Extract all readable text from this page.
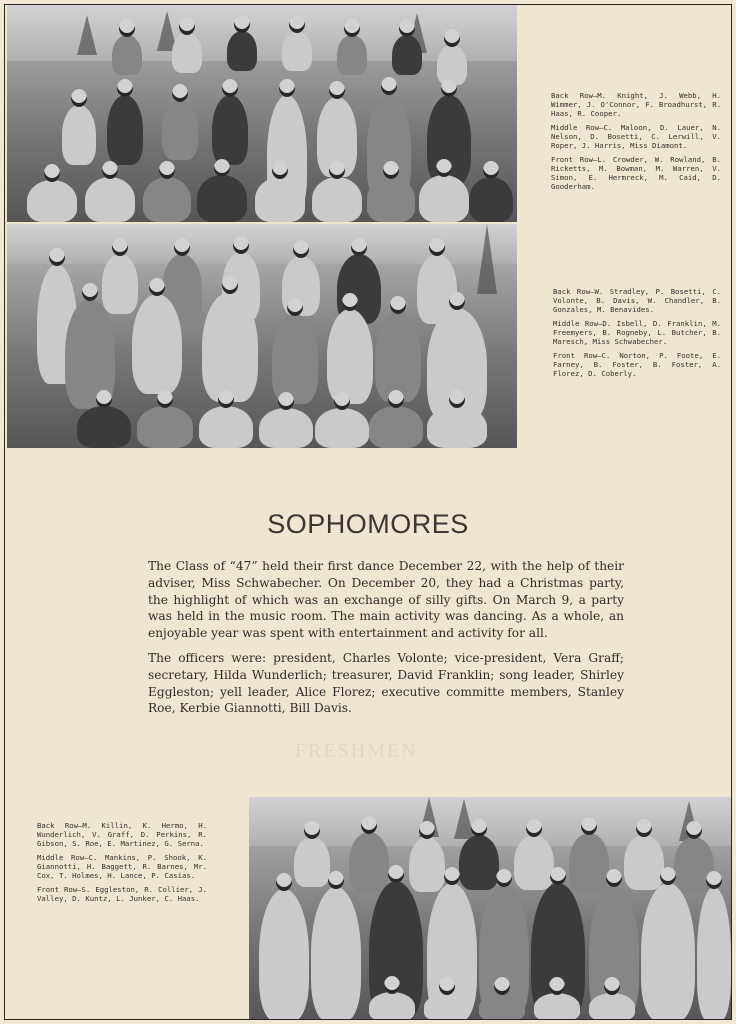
Back Row—M. Knight, J. Webb, H. Wimmer, J. O'Connor, F. Broadhurst, R. Haas, R. Cooper.

Middle Row—C. Maloon, D. Lauer, N. Nelson, D. Bosetti, C. Lerwill, V. Roper, J. Harris, Miss Diamont.

Front Row—L. Crowder, W. Rowland, B. Ricketts, M. Bowman, M. Warren, V. Simon, E. Hermreck, M. Caid, D. Gooderham.

Back Row—W. Stradley, P. Bosetti, C. Volonte, B. Davis, W. Chandler, B. Gonzales, M. Benavides.

Middle Row—D. Isbell, D. Franklin, M. Freemyers, B. Rogneby, L. Butcher, B. Maresch, Miss Schwabecher.

Front Row—C. Norton, P. Foote, E. Farney, B. Foster, B. Foster, A. Florez, D. Coberly.

SOPHOMORES

The Class of “47” held their first dance December 22, with the help of their adviser, Miss Schwabecher. On December 20, they had a Christmas party, the highlight of which was an exchange of silly gifts. On March 9, a party was held in the music room. The main activity was dancing. As a whole, an enjoyable year was spent with entertainment and activity for all.

The officers were: president, Charles Volonte; vice-president, Vera Graff; secretary, Hilda Wunderlich; treasurer, David Franklin; song leader, Shirley Eggleston; yell leader, Alice Florez; executive committe members, Stanley Roe, Kerbie Giannotti, Bill Davis.

FRESHMEN

Back Row—M. Killin, K. Hermo, H. Wunderlich, V. Graff, D. Perkins, R. Gibson, S. Roe, E. Martinez, G. Serna.

Middle Row—C. Mankins, P. Shook, K. Giannotti, H. Baggett, R. Barnes, Mr. Cox, T. Holmes, H. Lance, P. Casias.

Front Row—S. Eggleston, R. Collier, J. Valley, D. Kuntz, L. Junker, C. Haas.
